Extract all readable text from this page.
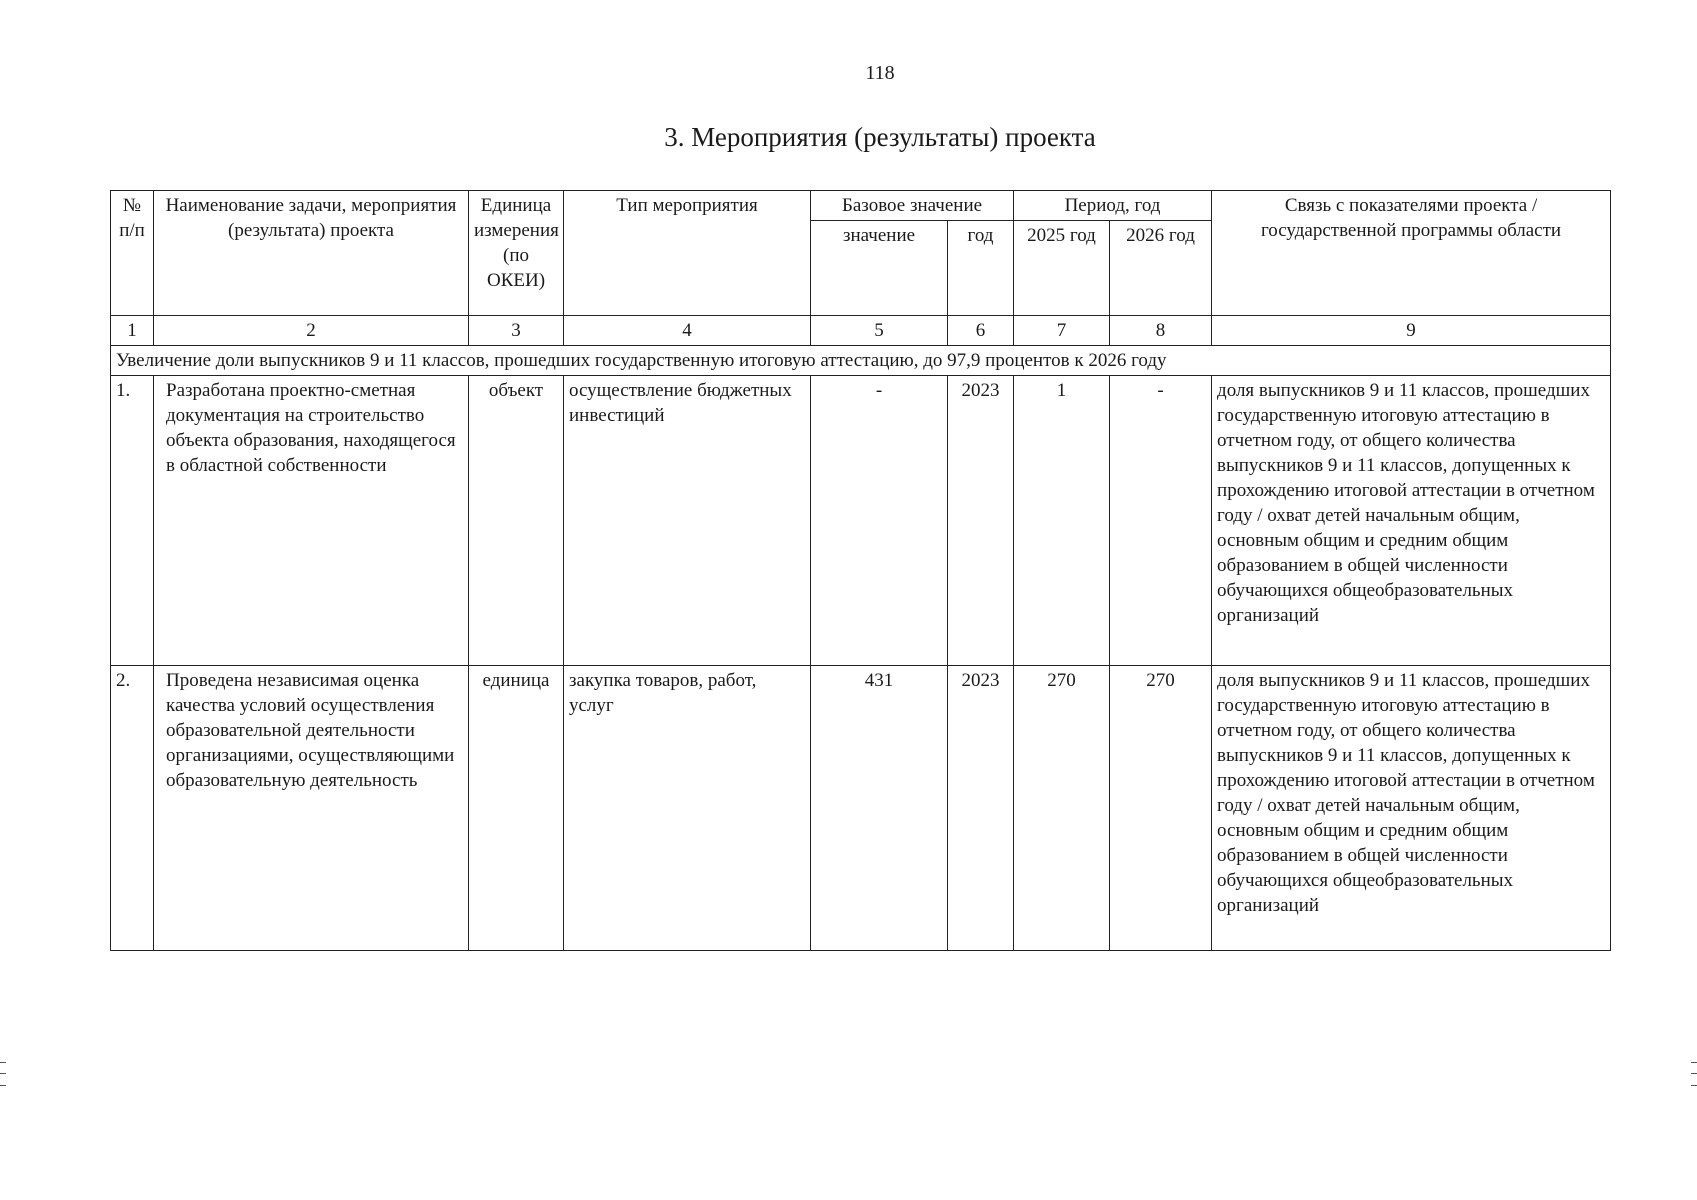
118
3. Мероприятия (результаты) проекта
№ п/п	Наименование задачи, мероприятия (результата) проекта	Единица измерения (по ОКЕИ)	Тип мероприятия	Базовое значение		Период, год		Связь с показателями проекта / государственной программы области
				значение	год	2025 год	2026 год	
1	2	3	4	5	6	7	8	9
Увеличение доли выпускников 9 и 11 классов, прошедших государственную итоговую аттестацию, до 97,9 процентов к 2026 году								
1.	Разработана проектно-сметная документация на строительство объекта образования, находящегося в областной собственности	объект	осуществление бюджетных инвестиций	-	2023	1	-	доля выпускников 9 и 11 классов, прошедших государственную итоговую аттестацию в отчетном году, от общего количества выпускников 9 и 11 классов, допущенных к прохождению итоговой аттестации в отчетном году / охват детей начальным общим, основным общим и средним общим образованием в общей численности обучающихся общеобразовательных организаций
2.	Проведена независимая оценка качества условий осуществления образовательной деятельности организациями, осуществляющими образовательную деятельность	единица	закупка товаров, работ, услуг	431	2023	270	270	доля выпускников 9 и 11 классов, прошедших государственную итоговую аттестацию в отчетном году, от общего количества выпускников 9 и 11 классов, допущенных к прохождению итоговой аттестации в отчетном году / охват детей начальным общим, основным общим и средним общим образованием в общей численности обучающихся общеобразовательных организаций
